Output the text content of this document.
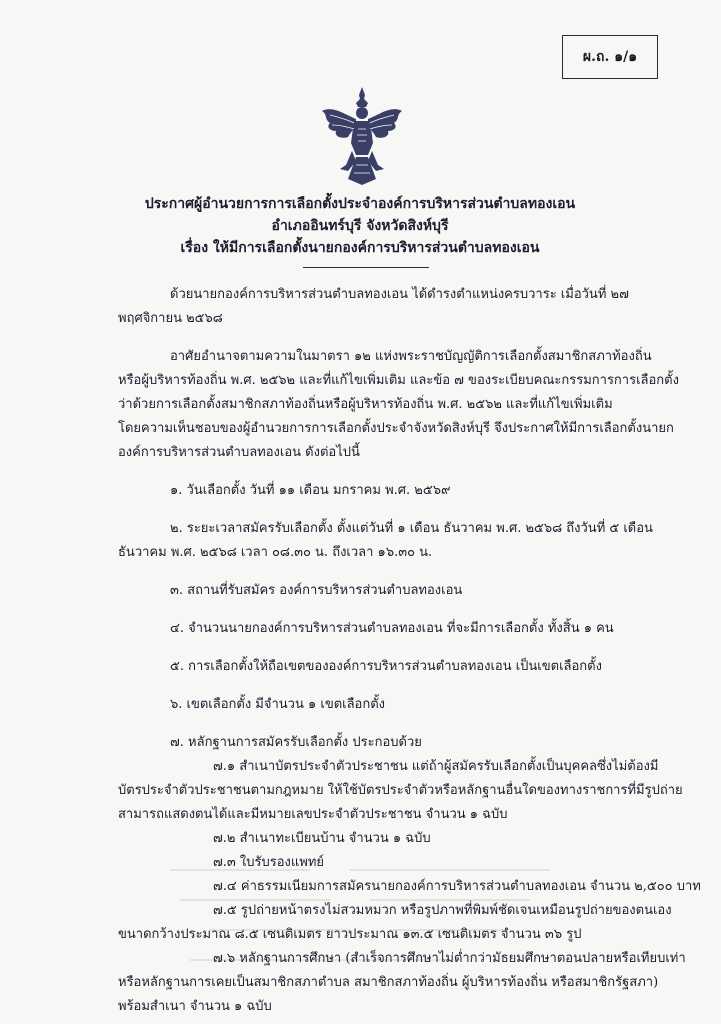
ผ.ถ. ๑/๑
ประกาศผู้อำนวยการการเลือกตั้งประจำองค์การบริหารส่วนตำบลทองเอน
อำเภออินทร์บุรี จังหวัดสิงห์บุรี
เรื่อง ให้มีการเลือกตั้งนายกองค์การบริหารส่วนตำบลทองเอน
ด้วยนายกองค์การบริหารส่วนตำบลทองเอน ได้ดำรงตำแหน่งครบวาระ เมื่อวันที่ ๒๗
พฤศจิกายน ๒๕๖๘
อาศัยอำนาจตามความในมาตรา ๑๒ แห่งพระราชบัญญัติการเลือกตั้งสมาชิกสภาท้องถิ่น
หรือผู้บริหารท้องถิ่น พ.ศ. ๒๕๖๒ และที่แก้ไขเพิ่มเติม และข้อ ๗ ของระเบียบคณะกรรมการการเลือกตั้ง
ว่าด้วยการเลือกตั้งสมาชิกสภาท้องถิ่นหรือผู้บริหารท้องถิ่น พ.ศ. ๒๕๖๒ และที่แก้ไขเพิ่มเติม
โดยความเห็นชอบของผู้อำนวยการการเลือกตั้งประจำจังหวัดสิงห์บุรี จึงประกาศให้มีการเลือกตั้งนายก
องค์การบริหารส่วนตำบลทองเอน ดังต่อไปนี้
๑. วันเลือกตั้ง วันที่ ๑๑ เดือน มกราคม พ.ศ. ๒๕๖๙
๒. ระยะเวลาสมัครรับเลือกตั้ง ตั้งแต่วันที่ ๑ เดือน ธันวาคม พ.ศ. ๒๕๖๘ ถึงวันที่ ๕ เดือน
ธันวาคม พ.ศ. ๒๕๖๘ เวลา ๐๘.๓๐ น. ถึงเวลา ๑๖.๓๐ น.
๓. สถานที่รับสมัคร องค์การบริหารส่วนตำบลทองเอน
๔. จำนวนนายกองค์การบริหารส่วนตำบลทองเอน ที่จะมีการเลือกตั้ง ทั้งสิ้น ๑ คน
๕. การเลือกตั้งให้ถือเขตขององค์การบริหารส่วนตำบลทองเอน เป็นเขตเลือกตั้ง
๖. เขตเลือกตั้ง มีจำนวน ๑ เขตเลือกตั้ง
๗. หลักฐานการสมัครรับเลือกตั้ง ประกอบด้วย
๗.๑ สำเนาบัตรประจำตัวประชาชน แต่ถ้าผู้สมัครรับเลือกตั้งเป็นบุคคลซึ่งไม่ต้องมี
บัตรประจำตัวประชาชนตามกฎหมาย ให้ใช้บัตรประจำตัวหรือหลักฐานอื่นใดของทางราชการที่มีรูปถ่าย
สามารถแสดงตนได้และมีหมายเลขประจำตัวประชาชน จำนวน ๑ ฉบับ
๗.๒ สำเนาทะเบียนบ้าน จำนวน ๑ ฉบับ
๗.๓ ใบรับรองแพทย์
๗.๔ ค่าธรรมเนียมการสมัครนายกองค์การบริหารส่วนตำบลทองเอน จำนวน ๒,๕๐๐ บาท
๗.๕ รูปถ่ายหน้าตรงไม่สวมหมวก หรือรูปภาพที่พิมพ์ชัดเจนเหมือนรูปถ่ายของตนเอง
ขนาดกว้างประมาณ ๘.๕ เซนติเมตร ยาวประมาณ ๑๓.๕ เซนติเมตร จำนวน ๓๖ รูป
๗.๖ หลักฐานการศึกษา (สำเร็จการศึกษาไม่ต่ำกว่ามัธยมศึกษาตอนปลายหรือเทียบเท่า
หรือหลักฐานการเคยเป็นสมาชิกสภาตำบล สมาชิกสภาท้องถิ่น ผู้บริหารท้องถิ่น หรือสมาชิกรัฐสภา)
พร้อมสำเนา จำนวน ๑ ฉบับ
